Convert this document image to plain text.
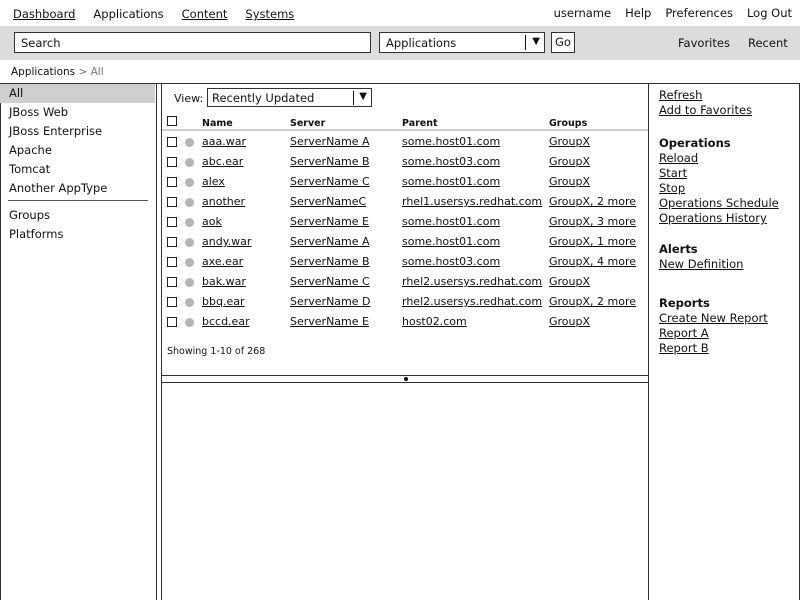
Dashboard Applications Content Systems	username Help Preferences Log Out
Search
Applications	▼	Go	Favorites Recent
Applications > All
All
JBoss Web
JBoss Enterprise
Apache
Tomcat
Another AppType
Groups
Platforms
View: Recently Updated	▼
Name	Server	Parent	Groups
aaa.war	ServerName A	some.host01.com	GroupX
abc.ear	ServerName B	some.host03.com	GroupX
alex	ServerName C	some.host01.com	GroupX
another	ServerNameC	rhel1.usersys.redhat.com GroupX, 2 more
aok	ServerName E	some.host01.com	GroupX, 3 more
andy.war	ServerName A	some.host01.com	GroupX, 1 more
axe.ear	ServerName B	some.host03.com	GroupX, 4 more
bak.war	ServerName C	rhel2.usersys.redhat.com GroupX
bbq.ear	ServerName D	rhel2.usersys.redhat.com GroupX, 2 more
bccd.ear	ServerName E	host02.com	GroupX
Showing 1-10 of 268
Refresh
Add to Favorites
Operations
Reload
Start
Stop
Operations Schedule
Operations History
Alerts
New Definition
Reports
Create New Report
Report A
Report B
